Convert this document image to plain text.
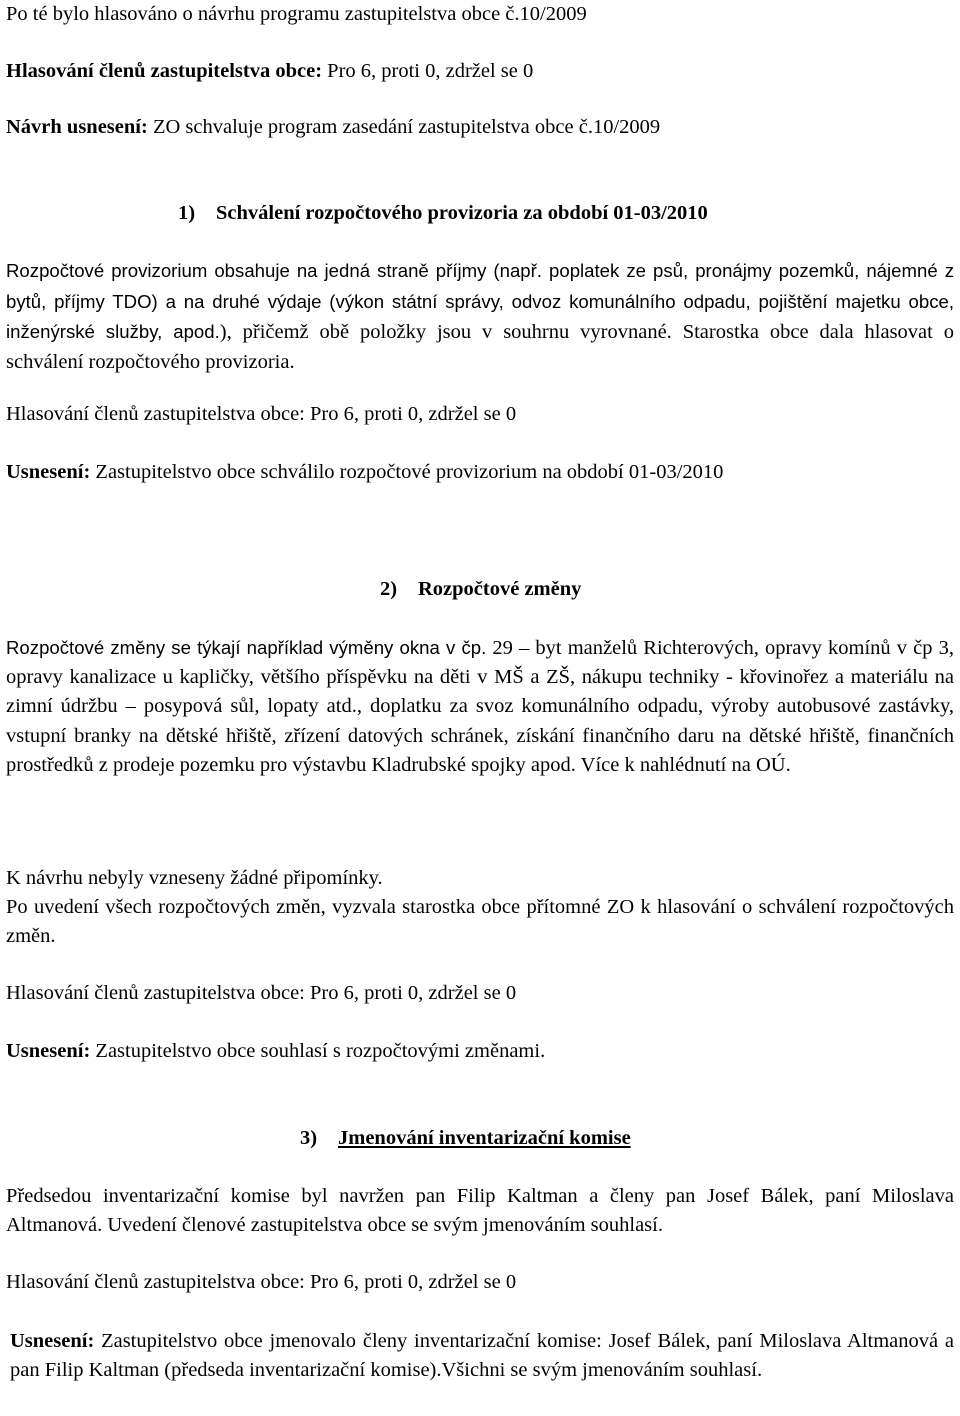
Po té bylo hlasováno o návrhu programu zastupitelstva obce č.10/2009
Hlasování členů zastupitelstva obce: Pro 6, proti 0, zdržel se 0
Návrh usnesení: ZO schvaluje program zasedání zastupitelstva obce č.10/2009
1) Schválení rozpočtového provizoria za období 01-03/2010
Rozpočtové provizorium obsahuje na jedná straně příjmy (např. poplatek ze psů, pronájmy pozemků, nájemné z bytů, příjmy TDO) a na druhé výdaje (výkon státní správy, odvoz komunálního odpadu, pojištění majetku obce, inženýrské služby, apod.), přičemž obě položky jsou v souhrnu vyrovnané. Starostka obce dala hlasovat o schválení rozpočtového provizoria.
Hlasování členů zastupitelstva obce: Pro 6, proti 0, zdržel se 0
Usnesení: Zastupitelstvo obce schválilo rozpočtové provizorium na období 01-03/2010
2) Rozpočtové změny
Rozpočtové změny se týkají například výměny okna v čp. 29 – byt manželů Richterových, opravy komínů v čp 3, opravy kanalizace u kapličky, většího příspěvku na děti v MŠ a ZŠ, nákupu techniky - křovinořez a materiálu na zimní údržbu – posypová sůl, lopaty atd., doplatku za svoz komunálního odpadu, výroby autobusové zastávky, vstupní branky na dětské hřiště, zřízení datových schránek, získání finančního daru na dětské hřiště, finančních prostředků z prodeje pozemku pro výstavbu Kladrubské spojky apod. Více k nahlédnutí na OÚ.
K návrhu nebyly vzneseny žádné připomínky.
Po uvedení všech rozpočtových změn, vyzvala starostka obce přítomné ZO k hlasování o schválení rozpočtových změn.
Hlasování členů zastupitelstva obce: Pro 6, proti 0, zdržel se 0
Usnesení: Zastupitelstvo obce souhlasí s rozpočtovými změnami.
3) Jmenování inventarizační komise
Předsedou inventarizační komise byl navržen pan Filip Kaltman a členy pan Josef Bálek, paní Miloslava Altmanová. Uvedení členové zastupitelstva obce se svým jmenováním souhlasí.
Hlasování členů zastupitelstva obce: Pro 6, proti 0, zdržel se 0
Usnesení: Zastupitelstvo obce jmenovalo členy inventarizační komise: Josef Bálek, paní Miloslava Altmanová a pan Filip Kaltman (předseda inventarizační komise).Všichni se svým jmenováním souhlasí.
